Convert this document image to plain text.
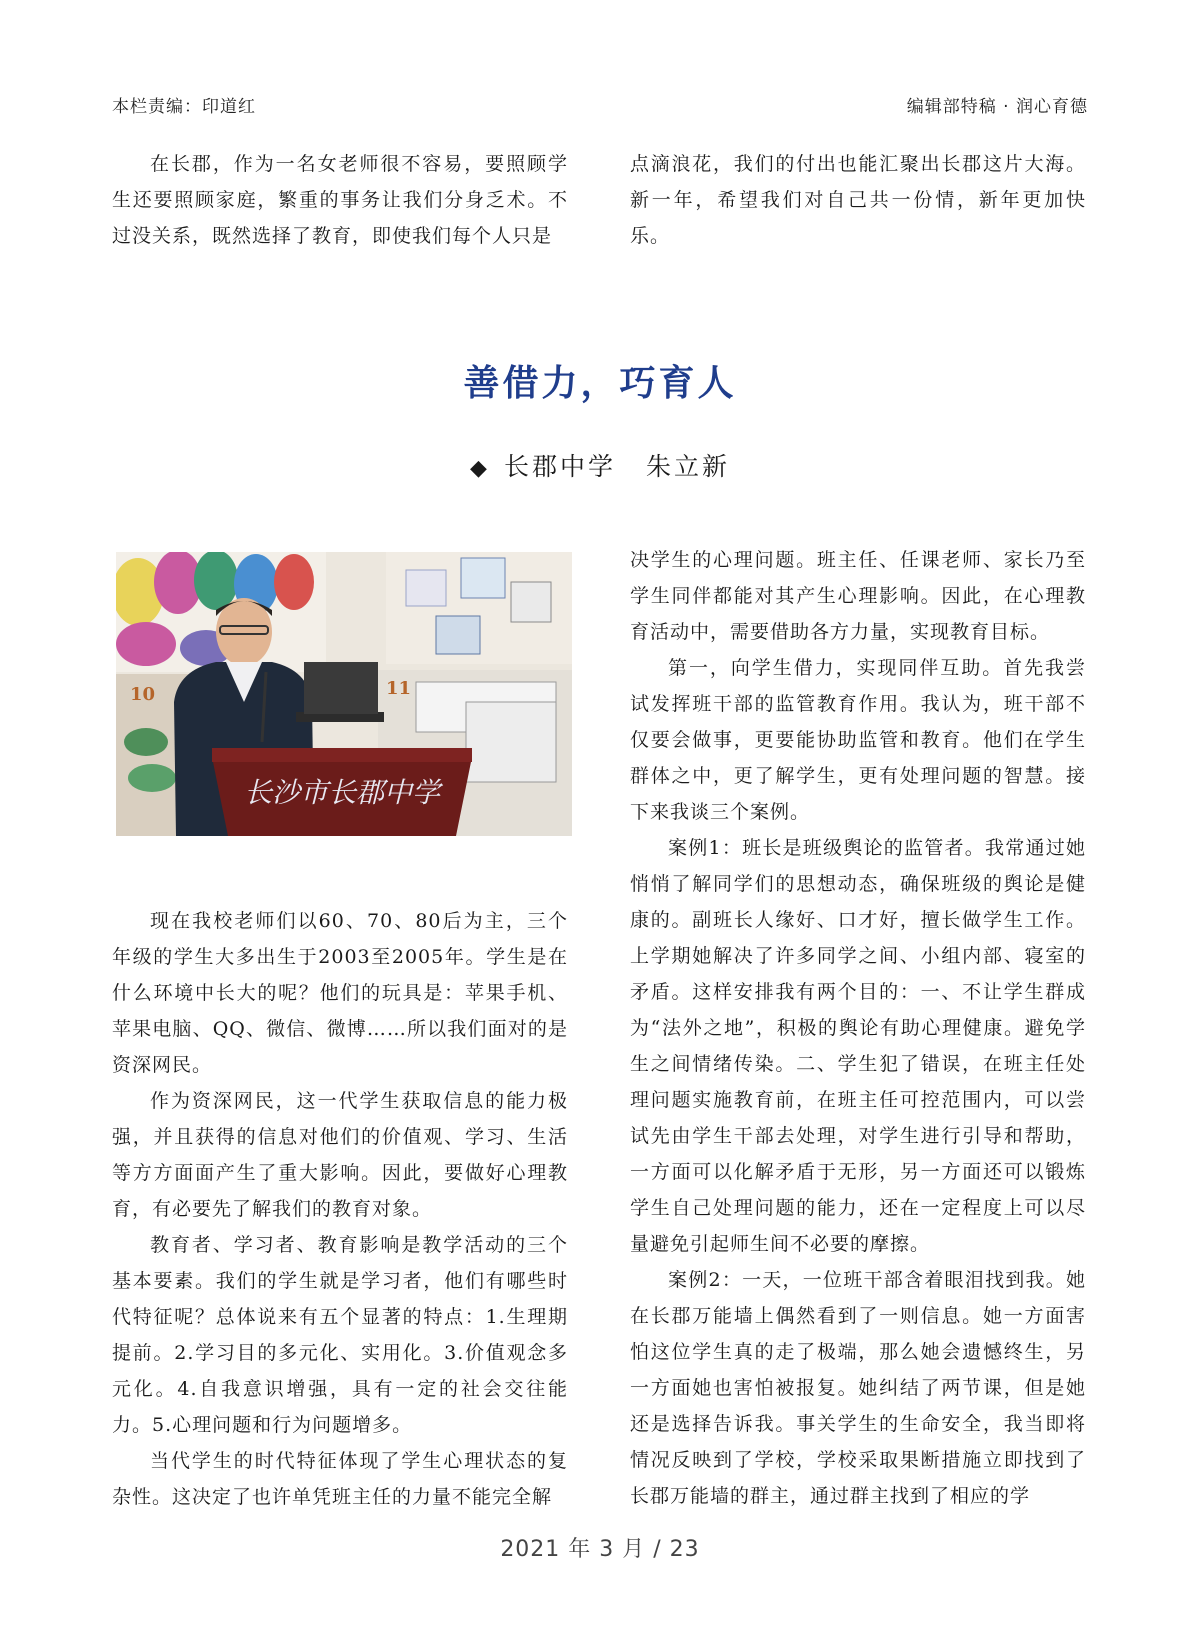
本栏责编：印道红	编辑部特稿 · 润心育德

在长郡，作为一名女老师很不容易，要照顾学生还要照顾家庭，繁重的事务让我们分身乏术。不过没关系，既然选择了教育，即使我们每个人只是

点滴浪花，我们的付出也能汇聚出长郡这片大海。新一年，希望我们对自己共一份情，新年更加快乐。

善借力，巧育人
◆ 长郡中学 朱立新
10	11
长沙市长郡中学

现在我校老师们以60、70、80后为主，三个年级的学生大多出生于2003至2005年。学生是在什么环境中长大的呢？他们的玩具是：苹果手机、苹果电脑、QQ、微信、微博……所以我们面对的是资深网民。

作为资深网民，这一代学生获取信息的能力极强，并且获得的信息对他们的价值观、学习、生活等方方面面产生了重大影响。因此，要做好心理教育，有必要先了解我们的教育对象。

教育者、学习者、教育影响是教学活动的三个基本要素。我们的学生就是学习者，他们有哪些时代特征呢？总体说来有五个显著的特点：1.生理期提前。2.学习目的多元化、实用化。3.价值观念多元化。4.自我意识增强，具有一定的社会交往能力。5.心理问题和行为问题增多。

当代学生的时代特征体现了学生心理状态的复杂性。这决定了也许单凭班主任的力量不能完全解

决学生的心理问题。班主任、任课老师、家长乃至学生同伴都能对其产生心理影响。因此，在心理教育活动中，需要借助各方力量，实现教育目标。

第一，向学生借力，实现同伴互助。首先我尝试发挥班干部的监管教育作用。我认为，班干部不仅要会做事，更要能协助监管和教育。他们在学生群体之中，更了解学生，更有处理问题的智慧。接下来我谈三个案例。

案例1：班长是班级舆论的监管者。我常通过她悄悄了解同学们的思想动态，确保班级的舆论是健康的。副班长人缘好、口才好，擅长做学生工作。上学期她解决了许多同学之间、小组内部、寝室的矛盾。这样安排我有两个目的：一、不让学生群成为“法外之地”，积极的舆论有助心理健康。避免学生之间情绪传染。二、学生犯了错误，在班主任处理问题实施教育前，在班主任可控范围内，可以尝试先由学生干部去处理，对学生进行引导和帮助，一方面可以化解矛盾于无形，另一方面还可以锻炼学生自己处理问题的能力，还在一定程度上可以尽量避免引起师生间不必要的摩擦。

案例2：一天，一位班干部含着眼泪找到我。她在长郡万能墙上偶然看到了一则信息。她一方面害怕这位学生真的走了极端，那么她会遗憾终生，另一方面她也害怕被报复。她纠结了两节课，但是她还是选择告诉我。事关学生的生命安全，我当即将情况反映到了学校，学校采取果断措施立即找到了长郡万能墙的群主，通过群主找到了相应的学

2021 年 3 月 / 23
